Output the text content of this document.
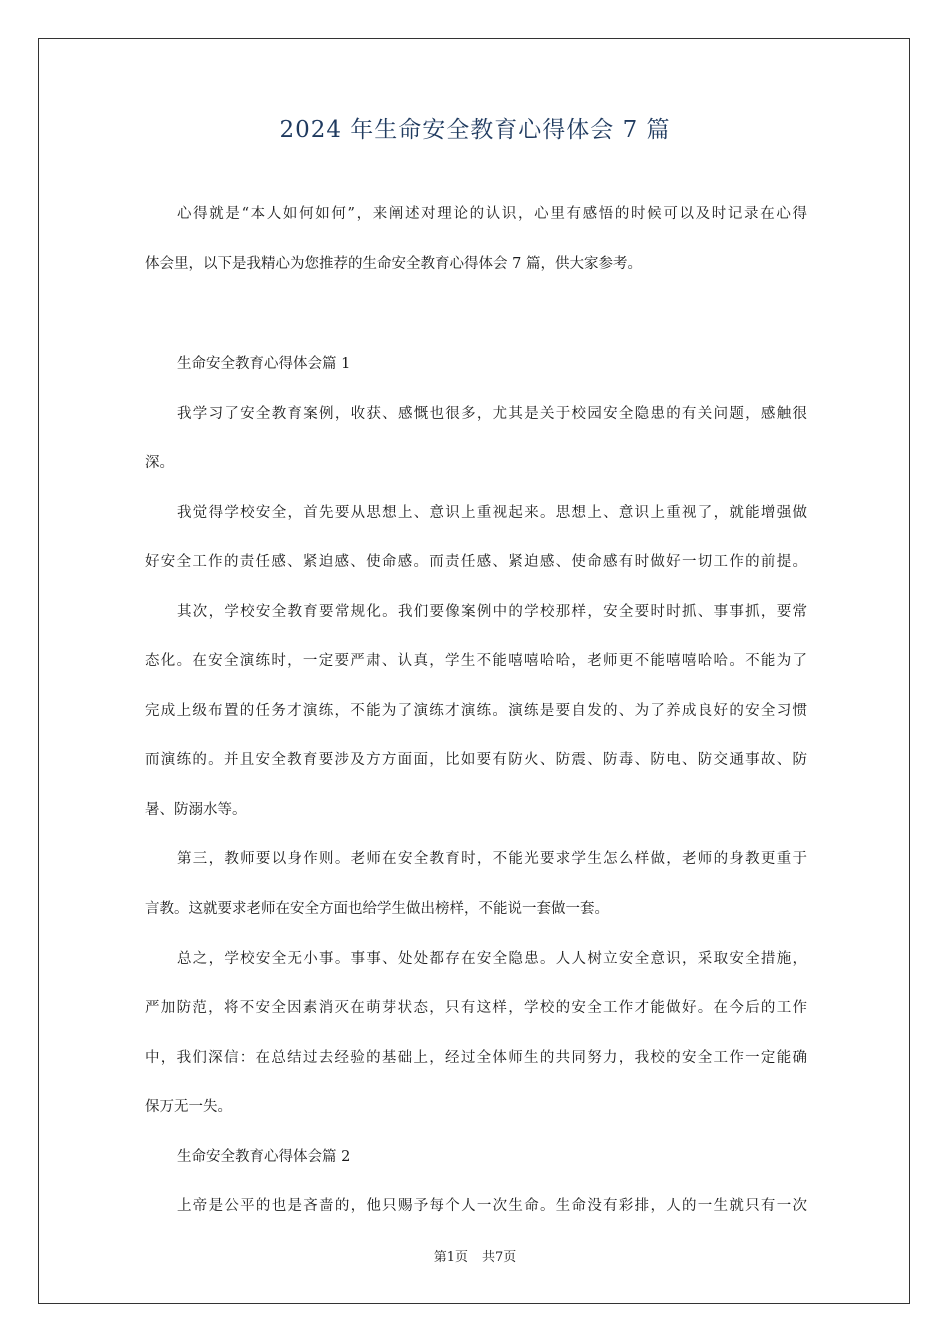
2024 年生命安全教育心得体会 7 篇
心得就是“本人如何如何”，来阐述对理论的认识，心里有感悟的时候可以及时记录在心得
体会里，以下是我精心为您推荐的生命安全教育心得体会 7 篇，供大家参考。
生命安全教育心得体会篇 1
我学习了安全教育案例，收获、感慨也很多，尤其是关于校园安全隐患的有关问题，感触很
深。
我觉得学校安全，首先要从思想上、意识上重视起来。思想上、意识上重视了，就能增强做
好安全工作的责任感、紧迫感、使命感。而责任感、紧迫感、使命感有时做好一切工作的前提。
其次，学校安全教育要常规化。我们要像案例中的学校那样，安全要时时抓、事事抓，要常
态化。在安全演练时，一定要严肃、认真，学生不能嘻嘻哈哈，老师更不能嘻嘻哈哈。不能为了
完成上级布置的任务才演练，不能为了演练才演练。演练是要自发的、为了养成良好的安全习惯
而演练的。并且安全教育要涉及方方面面，比如要有防火、防震、防毒、防电、防交通事故、防
暑、防溺水等。
第三，教师要以身作则。老师在安全教育时，不能光要求学生怎么样做，老师的身教更重于
言教。这就要求老师在安全方面也给学生做出榜样，不能说一套做一套。
总之，学校安全无小事。事事、处处都存在安全隐患。人人树立安全意识，采取安全措施，
严加防范，将不安全因素消灭在萌芽状态，只有这样，学校的安全工作才能做好。在今后的工作
中，我们深信：在总结过去经验的基础上，经过全体师生的共同努力，我校的安全工作一定能确
保万无一失。
生命安全教育心得体会篇 2
上帝是公平的也是吝啬的，他只赐予每个人一次生命。生命没有彩排，人的一生就只有一次
第1页 共7页
